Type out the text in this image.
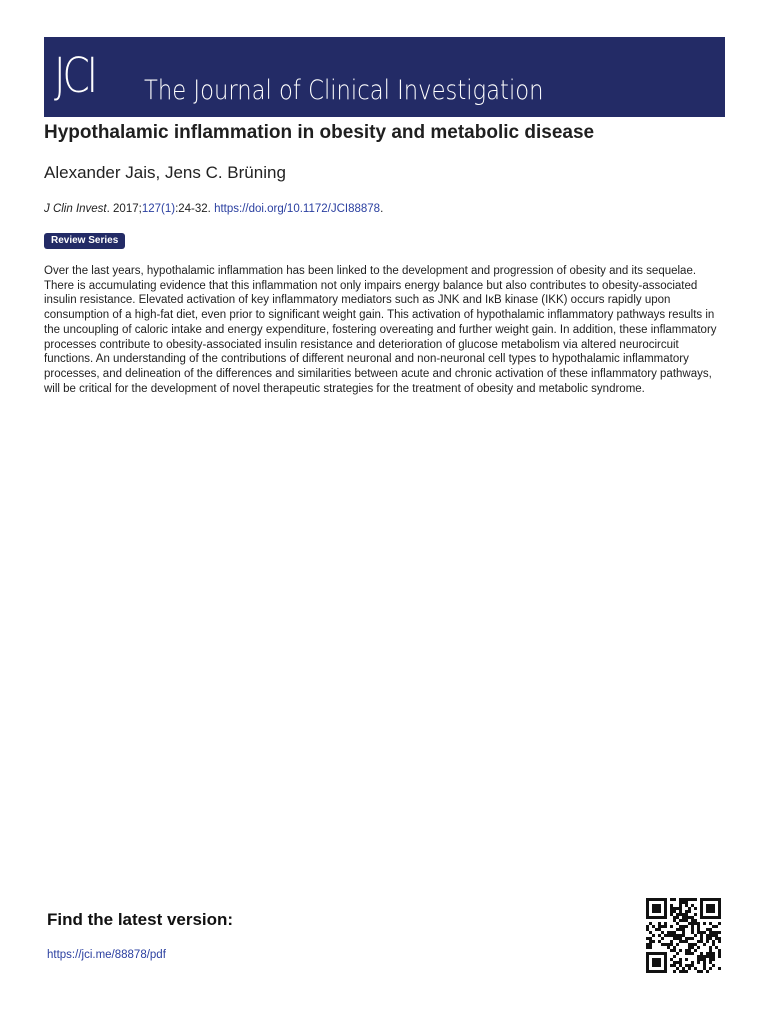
JCI The Journal of Clinical Investigation
Hypothalamic inflammation in obesity and metabolic disease
Alexander Jais, Jens C. Brüning
J Clin Invest. 2017;127(1):24-32. https://doi.org/10.1172/JCI88878.
Review Series

Over the last years, hypothalamic inflammation has been linked to the development and progression of obesity and its sequelae. There is accumulating evidence that this inflammation not only impairs energy balance but also contributes to obesity-associated insulin resistance. Elevated activation of key inflammatory mediators such as JNK and IκB kinase (IKK) occurs rapidly upon consumption of a high-fat diet, even prior to significant weight gain. This activation of hypothalamic inflammatory pathways results in the uncoupling of caloric intake and energy expenditure, fostering overeating and further weight gain. In addition, these inflammatory processes contribute to obesity-associated insulin resistance and deterioration of glucose metabolism via altered neurocircuit functions. An understanding of the contributions of different neuronal and non-neuronal cell types to hypothalamic inflammatory processes, and delineation of the differences and similarities between acute and chronic activation of these inflammatory pathways, will be critical for the development of novel therapeutic strategies for the treatment of obesity and metabolic syndrome.

Find the latest version:
https://jci.me/88878/pdf
